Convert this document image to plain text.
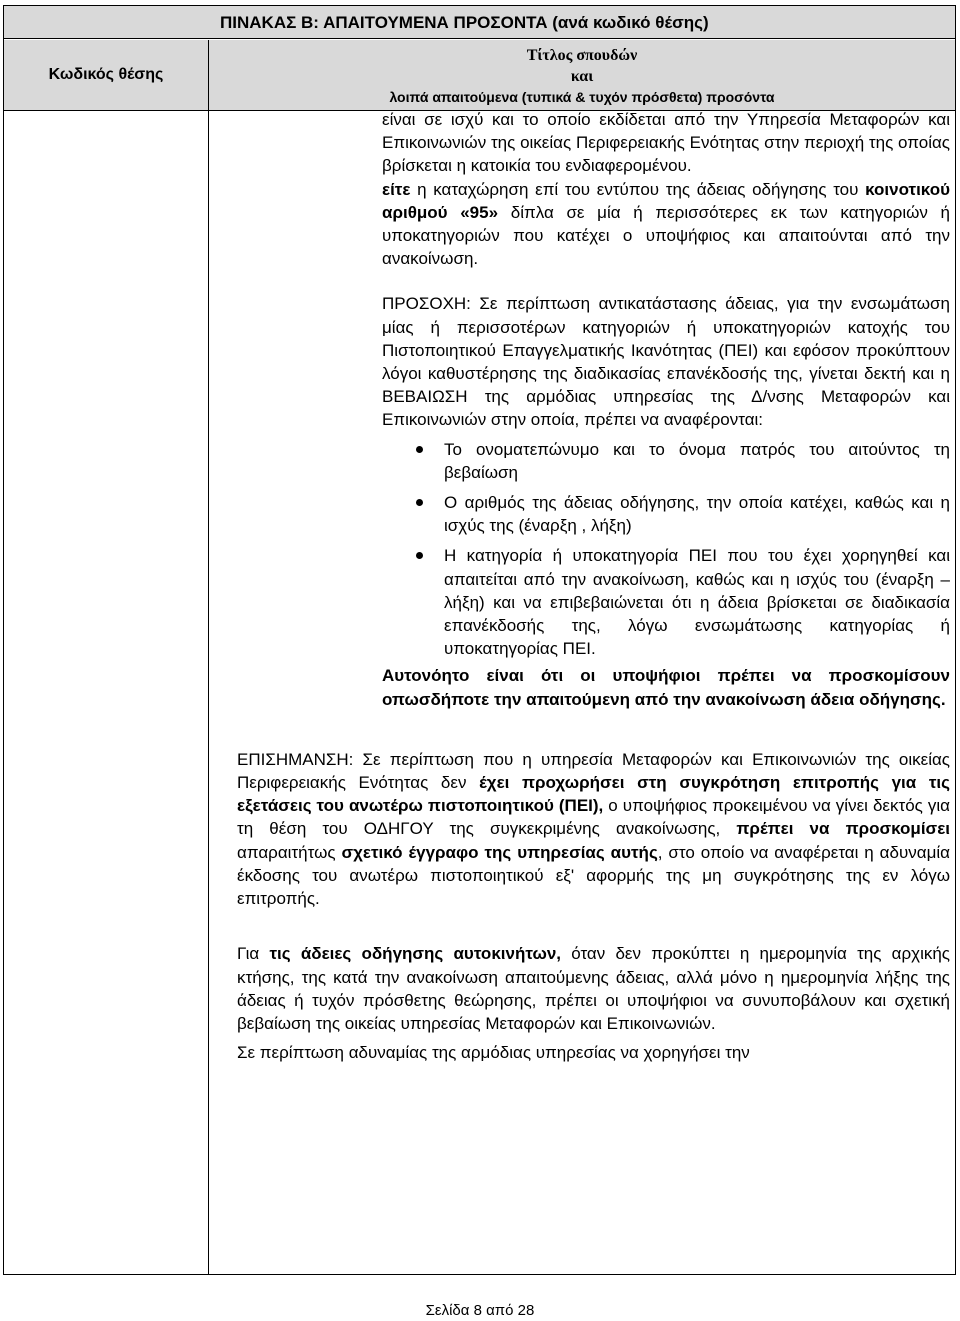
ΠΙΝΑΚΑΣ Β: ΑΠΑΙΤΟΥΜΕΝΑ ΠΡΟΣΟΝΤΑ (ανά κωδικό θέσης)
Κωδικός θέσης
Τίτλος σπουδών
και
λοιπά απαιτούμενα (τυπικά & τυχόν πρόσθετα) προσόντα

είναι σε ισχύ και το οποίο εκδίδεται από την Υπηρεσία Μεταφορών και Επικοινωνιών της οικείας Περιφερειακής Ενότητας στην περιοχή της οποίας βρίσκεται η κατοικία του ενδιαφερομένου.

είτε η καταχώρηση επί του εντύπου της άδειας οδήγησης του κοινοτικού αριθμού «95» δίπλα σε μία ή περισσότερες εκ των κατηγοριών ή υποκατηγοριών που κατέχει ο υποψήφιος και απαιτούνται από την ανακοίνωση.

ΠΡΟΣΟΧΗ: Σε περίπτωση αντικατάστασης άδειας, για την ενσωμάτωση μίας ή περισσοτέρων κατηγοριών ή υποκατηγοριών κατοχής του Πιστοποιητικού Επαγγελματικής Ικανότητας (ΠΕΙ) και εφόσον προκύπτουν λόγοι καθυστέρησης της διαδικασίας επανέκδοσής της, γίνεται δεκτή και η ΒΕΒΑΙΩΣΗ της αρμόδιας υπηρεσίας της Δ/νσης Μεταφορών και Επικοινωνιών στην οποία, πρέπει να αναφέρονται:

Το ονοματεπώνυμο και το όνομα πατρός του αιτούντος τη βεβαίωση
Ο αριθμός της άδειας οδήγησης, την οποία κατέχει, καθώς και η ισχύς της (έναρξη , λήξη)
Η κατηγορία ή υποκατηγορία ΠΕΙ που του έχει χορηγηθεί και απαιτείται από την ανακοίνωση, καθώς και η ισχύς του (έναρξη –λήξη) και να επιβεβαιώνεται ότι η άδεια βρίσκεται σε διαδικασία επανέκδοσής της, λόγω ενσωμάτωσης κατηγορίας ή υποκατηγορίας ΠΕΙ.

Αυτονόητο είναι ότι οι υποψήφιοι πρέπει να προσκομίσουν οπωσδήποτε την απαιτούμενη από την ανακοίνωση άδεια οδήγησης.

ΕΠΙΣΗΜΑΝΣΗ: Σε περίπτωση που η υπηρεσία Μεταφορών και Επικοινωνιών της οικείας Περιφερειακής Ενότητας δεν έχει προχωρήσει στη συγκρότηση επιτροπής για τις εξετάσεις του ανωτέρω πιστοποιητικού (ΠΕΙ), ο υποψήφιος προκειμένου να γίνει δεκτός για τη θέση του ΟΔΗΓΟΥ της συγκεκριμένης ανακοίνωσης, πρέπει να προσκομίσει απαραιτήτως σχετικό έγγραφο της υπηρεσίας αυτής, στο οποίο να αναφέρεται η αδυναμία έκδοσης του ανωτέρω πιστοποιητικού εξ' αφορμής της μη συγκρότησης της εν λόγω επιτροπής.

Για τις άδειες οδήγησης αυτοκινήτων, όταν δεν προκύπτει η ημερομηνία της αρχικής κτήσης, της κατά την ανακοίνωση απαιτούμενης άδειας, αλλά μόνο η ημερομηνία λήξης της άδειας ή τυχόν πρόσθετης θεώρησης, πρέπει οι υποψήφιοι να συνυποβάλουν και σχετική βεβαίωση της οικείας υπηρεσίας Μεταφορών και Επικοινωνιών.

Σε περίπτωση αδυναμίας της αρμόδιας υπηρεσίας να χορηγήσει την

Σελίδα 8 από 28
